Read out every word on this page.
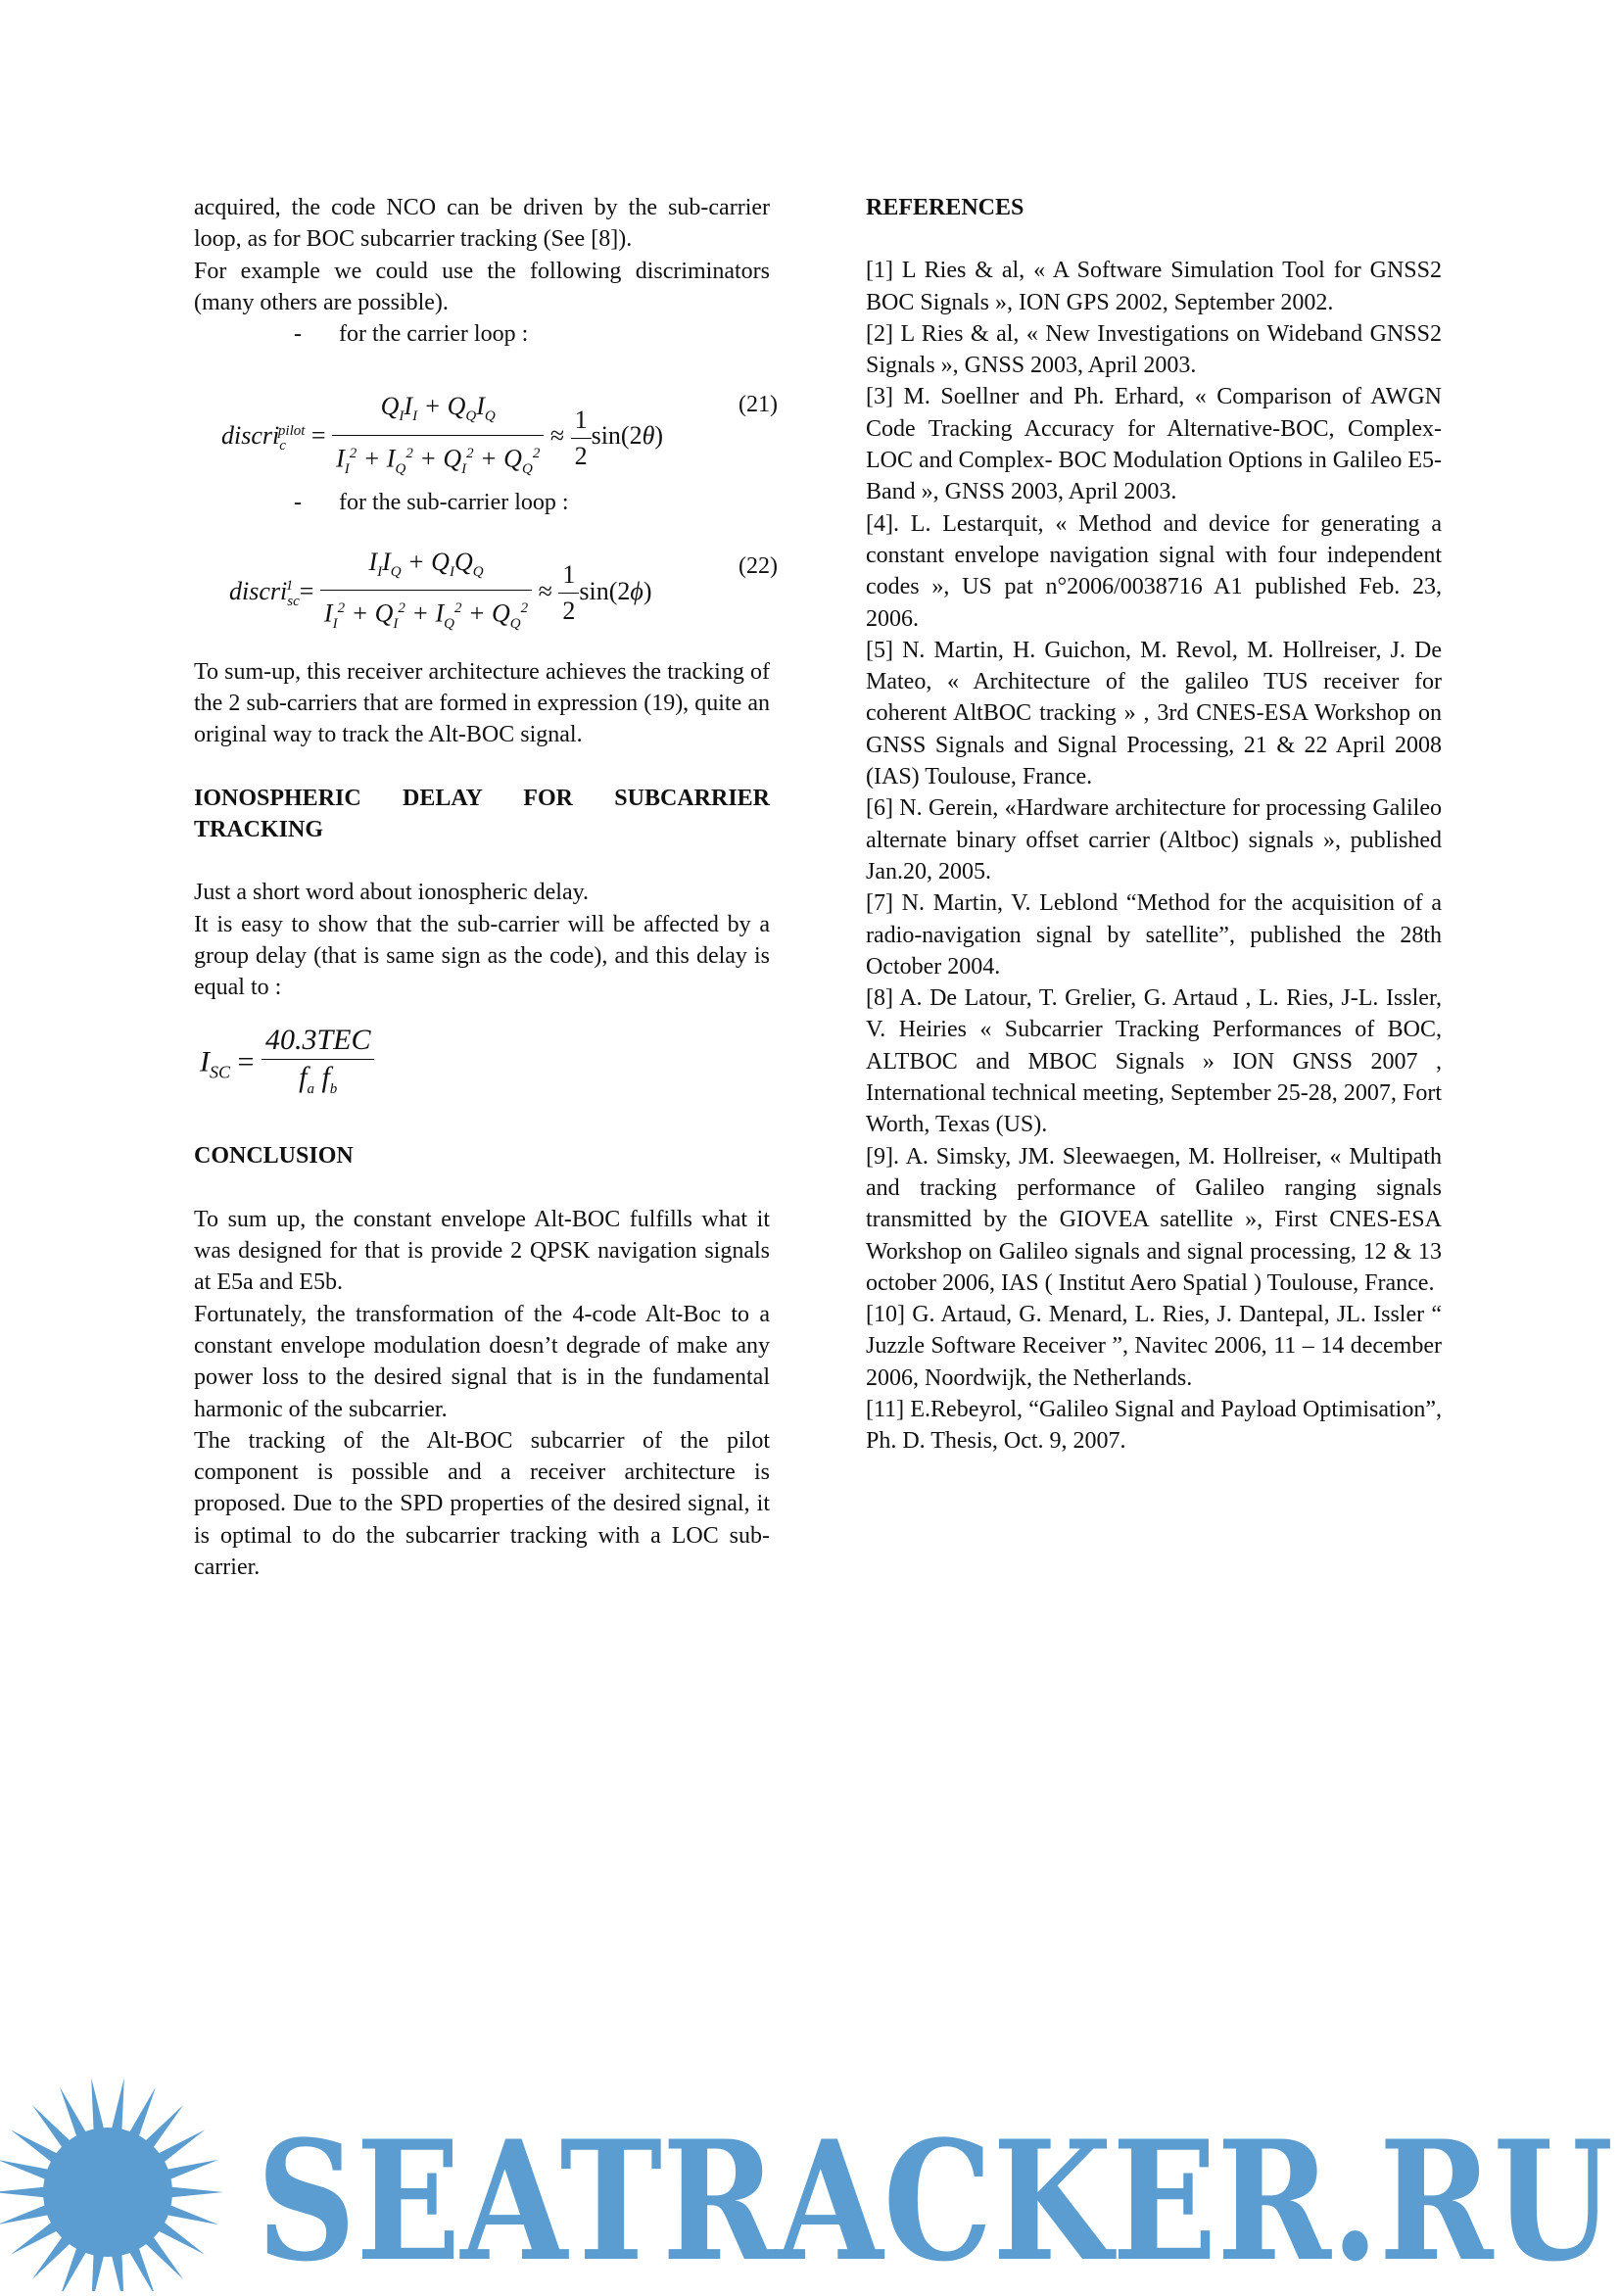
acquired, the code NCO can be driven by the sub-carrier loop, as for BOC subcarrier tracking (See [8]).

For example we could use the following discriminators (many others are possible).

- for the carrier loop :

discri$_c^{pilot}$ = $\frac{Q_II_I + Q_QI_Q}{I_I^2 + I_Q^2 + Q_I^2 + Q_Q^2} \approx \frac{1}{2} \sin(2\theta)$
(21)

- for the sub-carrier loop :

discri$_{sc}^1$ = $\frac{I_II_Q + Q_IQ_Q}{I_I^2 + Q_I^2 + I_Q^2 + Q_Q^2} \approx \frac{1}{2} \sin(2\phi)$
(22)

To sum-up, this receiver architecture achieves the tracking of the 2 sub-carriers that are formed in expression (19), quite an original way to track the Alt-BOC signal.

IONOSPHERIC DELAY FOR SUBCARRIER TRACKING

Just a short word about ionospheric delay.

It is easy to show that the sub-carrier will be affected by a group delay (that is same sign as the code), and this delay is equal to :

$I_{SC} = \frac{\text{40.3TEC}}{f_a f_b}$

CONCLUSION

To sum up, the constant envelope Alt-BOC fulfills what it was designed for that is provide 2 QPSK navigation signals at E5a and E5b.

Fortunately, the transformation of the 4-code Alt-Boc to a constant envelope modulation doesn’t degrade of make any power loss to the desired signal that is in the fundamental harmonic of the subcarrier.

The tracking of the Alt-BOC subcarrier of the pilot component is possible and a receiver architecture is proposed. Due to the SPD properties of the desired signal, it is optimal to do the subcarrier tracking with a LOC sub-carrier.

REFERENCES

[1] L Ries & al, « A Software Simulation Tool for GNSS2 BOC Signals », ION GPS 2002, September 2002.

[2] L Ries & al, « New Investigations on Wideband GNSS2 Signals », GNSS 2003, April 2003.

[3] M. Soellner and Ph. Erhard, « Comparison of AWGN Code Tracking Accuracy for Alternative-BOC, Complex-LOC and Complex- BOC Modulation Options in Galileo E5-Band », GNSS 2003, April 2003.

[4]. L. Lestarquit, « Method and device for generating a constant envelope navigation signal with four independent codes », US pat n°2006/0038716 A1 published Feb. 23, 2006.

[5] N. Martin, H. Guichon, M. Revol, M. Hollreiser, J. De Mateo, « Architecture of the galileo TUS receiver for coherent AltBOC tracking » , 3rd CNES-ESA Workshop on GNSS Signals and Signal Processing, 21 & 22 April 2008 (IAS) Toulouse, France.

[6] N. Gerein, «Hardware architecture for processing Galileo alternate binary offset carrier (Altboc) signals », published Jan.20, 2005.

[7] N. Martin, V. Leblond “Method for the acquisition of a radio-navigation signal by satellite”, published the 28th October 2004.

[8] A. De Latour, T. Grelier, G. Artaud , L. Ries, J-L. Issler, V. Heiries « Subcarrier Tracking Performances of BOC, ALTBOC and MBOC Signals » ION GNSS 2007 , International technical meeting, September 25-28, 2007, Fort Worth, Texas (US).

[9]. A. Simsky, JM. Sleewaegen, M. Hollreiser, « Multipath and tracking performance of Galileo ranging signals transmitted by the GIOVEA satellite », First CNES-ESA Workshop on Galileo signals and signal processing, 12 & 13 october 2006, IAS ( Institut Aero Spatial ) Toulouse, France.

[10] G. Artaud, G. Menard, L. Ries, J. Dantepal, JL. Issler “ Juzzle Software Receiver ”, Navitec 2006, 11 – 14 december 2006, Noordwijk, the Netherlands.

[11] E.Rebeyrol, “Galileo Signal and Payload Optimisation”, Ph. D. Thesis, Oct. 9, 2007.

SEATRACKER.RU
